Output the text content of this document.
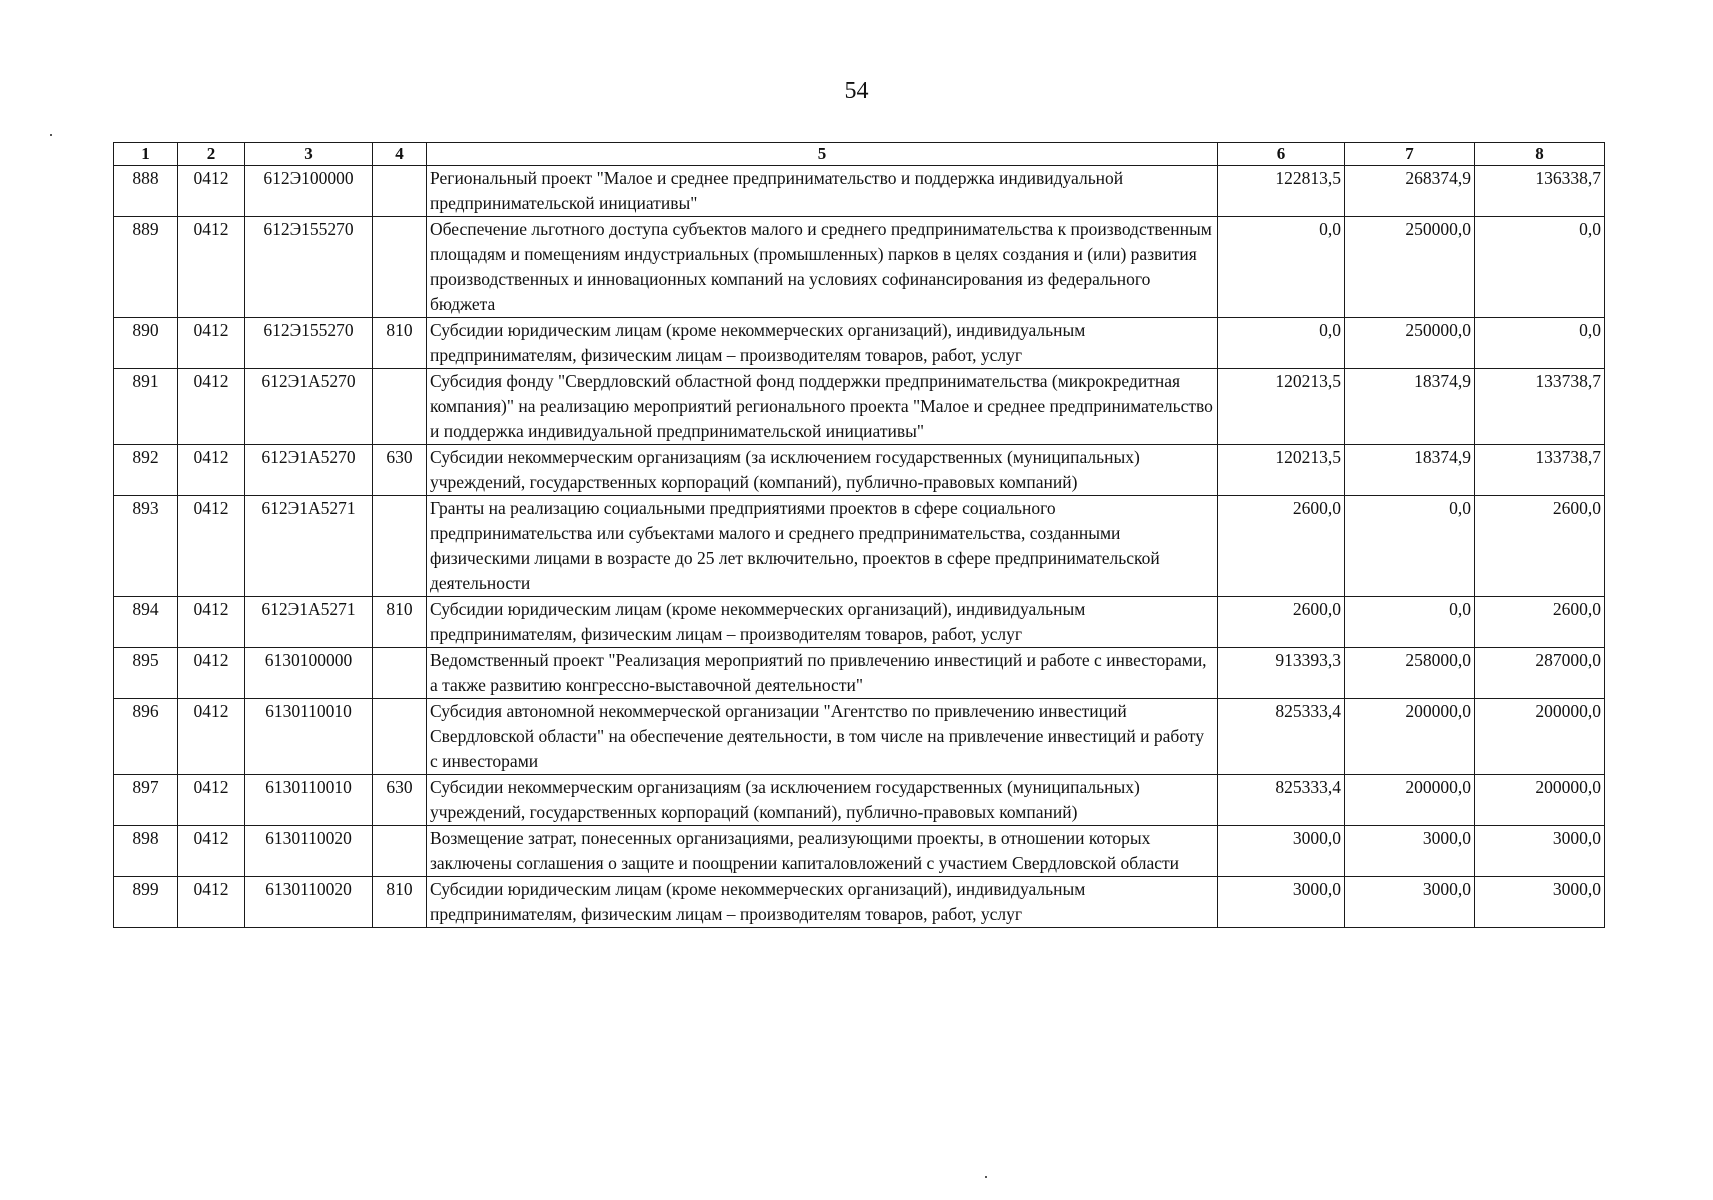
54
1	2	3	4	5	6	7	8
888	0412	612Э100000		Региональный проект "Малое и среднее предпринимательство и поддержка индивидуальной предпринимательской инициативы"	122813,5	268374,9	136338,7
889	0412	612Э155270		Обеспечение льготного доступа субъектов малого и среднего предпринимательства к производственным площадям и помещениям индустриальных (промышленных) парков в целях создания и (или) развития производственных и инновационных компаний на условиях софинансирования из федерального бюджета	0,0	250000,0	0,0
890	0412	612Э155270	810	Субсидии юридическим лицам (кроме некоммерческих организаций), индивидуальным предпринимателям, физическим лицам – производителям товаров, работ, услуг	0,0	250000,0	0,0
891	0412	612Э1А5270		Субсидия фонду "Свердловский областной фонд поддержки предпринимательства (микрокредитная компания)" на реализацию мероприятий регионального проекта "Малое и среднее предпринимательство и поддержка индивидуальной предпринимательской инициативы"	120213,5	18374,9	133738,7
892	0412	612Э1А5270	630	Субсидии некоммерческим организациям (за исключением государственных (муниципальных) учреждений, государственных корпораций (компаний), публично-правовых компаний)	120213,5	18374,9	133738,7
893	0412	612Э1А5271		Гранты на реализацию социальными предприятиями проектов в сфере социального предпринимательства или субъектами малого и среднего предпринимательства, созданными физическими лицами в возрасте до 25 лет включительно, проектов в сфере предпринимательской деятельности	2600,0	0,0	2600,0
894	0412	612Э1А5271	810	Субсидии юридическим лицам (кроме некоммерческих организаций), индивидуальным предпринимателям, физическим лицам – производителям товаров, работ, услуг	2600,0	0,0	2600,0
895	0412	6130100000		Ведомственный проект "Реализация мероприятий по привлечению инвестиций и работе с инвесторами, а также развитию конгрессно-выставочной деятельности"	913393,3	258000,0	287000,0
896	0412	6130110010		Субсидия автономной некоммерческой организации "Агентство по привлечению инвестиций Свердловской области" на обеспечение деятельности, в том числе на привлечение инвестиций и работу с инвесторами	825333,4	200000,0	200000,0
897	0412	6130110010	630	Субсидии некоммерческим организациям (за исключением государственных (муниципальных) учреждений, государственных корпораций (компаний), публично-правовых компаний)	825333,4	200000,0	200000,0
898	0412	6130110020		Возмещение затрат, понесенных организациями, реализующими проекты, в отношении которых заключены соглашения о защите и поощрении капиталовложений с участием Свердловской области	3000,0	3000,0	3000,0
899	0412	6130110020	810	Субсидии юридическим лицам (кроме некоммерческих организаций), индивидуальным предпринимателям, физическим лицам – производителям товаров, работ, услуг	3000,0	3000,0	3000,0
